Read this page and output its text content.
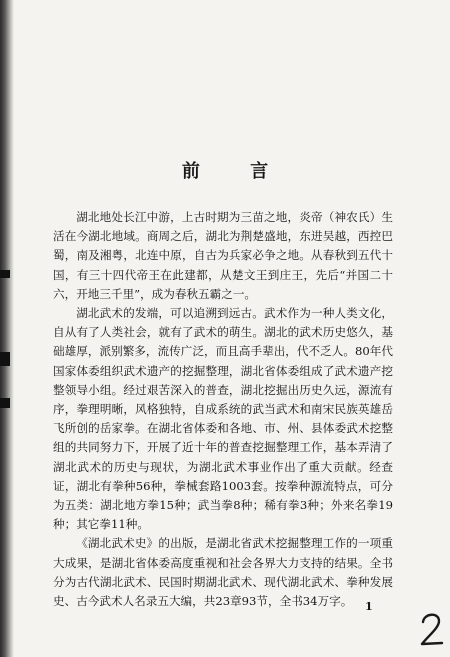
前 言

湖北地处长江中游，上古时期为三苗之地，炎帝（神农氏）生活在今湖北地域。商周之后，湖北为荆楚盛地，东进吴越，西控巴蜀，南及湘粤，北连中原，自古为兵家必争之地。从春秋到五代十国，有三十四代帝王在此建都，从楚文王到庄王，先后“并国二十六，开地三千里”，成为春秋五霸之一。

湖北武术的发端，可以追溯到远古。武术作为一种人类文化，自从有了人类社会，就有了武术的萌生。湖北的武术历史悠久，基础雄厚，派别繁多，流传广泛，而且高手辈出，代不乏人。80年代国家体委组织武术遗产的挖掘整理，湖北省体委组成了武术遗产挖整领导小组。经过艰苦深入的普查，湖北挖掘出历史久远，源流有序，拳理明晰，风格独特，自成系统的武当武术和南宋民族英雄岳飞所创的岳家拳。在湖北省体委和各地、市、州、县体委武术挖整组的共同努力下，开展了近十年的普查挖掘整理工作，基本弄清了湖北武术的历史与现状，为湖北武术事业作出了重大贡献。经查证，湖北有拳种56种，拳械套路1003套。按拳种源流特点，可分为五类：湖北地方拳15种；武当拳8种；稀有拳3种；外来名拳19种；其它拳11种。

《湖北武术史》的出版，是湖北省武术挖掘整理工作的一项重大成果，是湖北省体委高度重视和社会各界大力支持的结果。全书分为古代湖北武术、民国时期湖北武术、现代湖北武术、拳种发展史、古今武术人名录五大编，共23章93节，全书34万字。	1
